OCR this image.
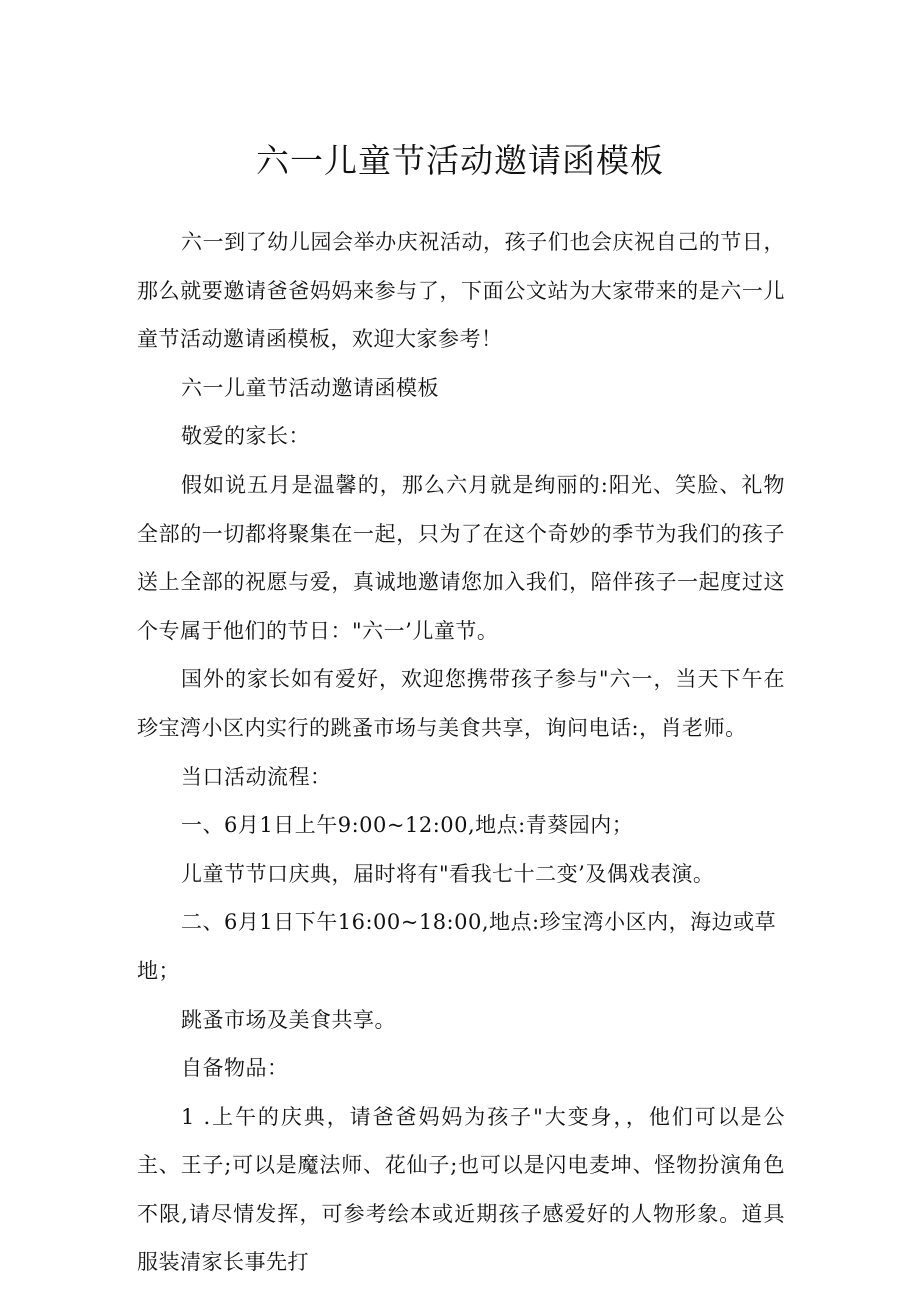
六一儿童节活动邀请函模板

六一到了幼儿园会举办庆祝活动，孩子们也会庆祝自己的节日，那么就要邀请爸爸妈妈来参与了，下面公文站为大家带来的是六一儿童节活动邀请函模板，欢迎大家参考！

六一儿童节活动邀请函模板

敬爱的家长：

假如说五月是温馨的，那么六月就是绚丽的:阳光、笑脸、礼物全部的一切都将聚集在一起，只为了在这个奇妙的季节为我们的孩子送上全部的祝愿与爱，真诚地邀请您加入我们，陪伴孩子一起度过这个专属于他们的节日："六一’儿童节。

国外的家长如有爱好，欢迎您携带孩子参与"六一，当天下午在珍宝湾小区内实行的跳蚤市场与美食共享，询问电话:，肖老师。

当口活动流程：

一、6月1日上午9:00~12:00,地点:青葵园内；

儿童节节口庆典，届时将有"看我七十二变’及偶戏表演。

二、6月1日下午16:00~18:00,地点:珍宝湾小区内，海边或草地；

跳蚤市场及美食共享。

自备物品：

1 .上午的庆典，请爸爸妈妈为孩子"大变身，，他们可以是公主、王子;可以是魔法师、花仙子;也可以是闪电麦坤、怪物扮演角色不限,请尽情发挥，可参考绘本或近期孩子感爱好的人物形象。道具服装清家长事先打
